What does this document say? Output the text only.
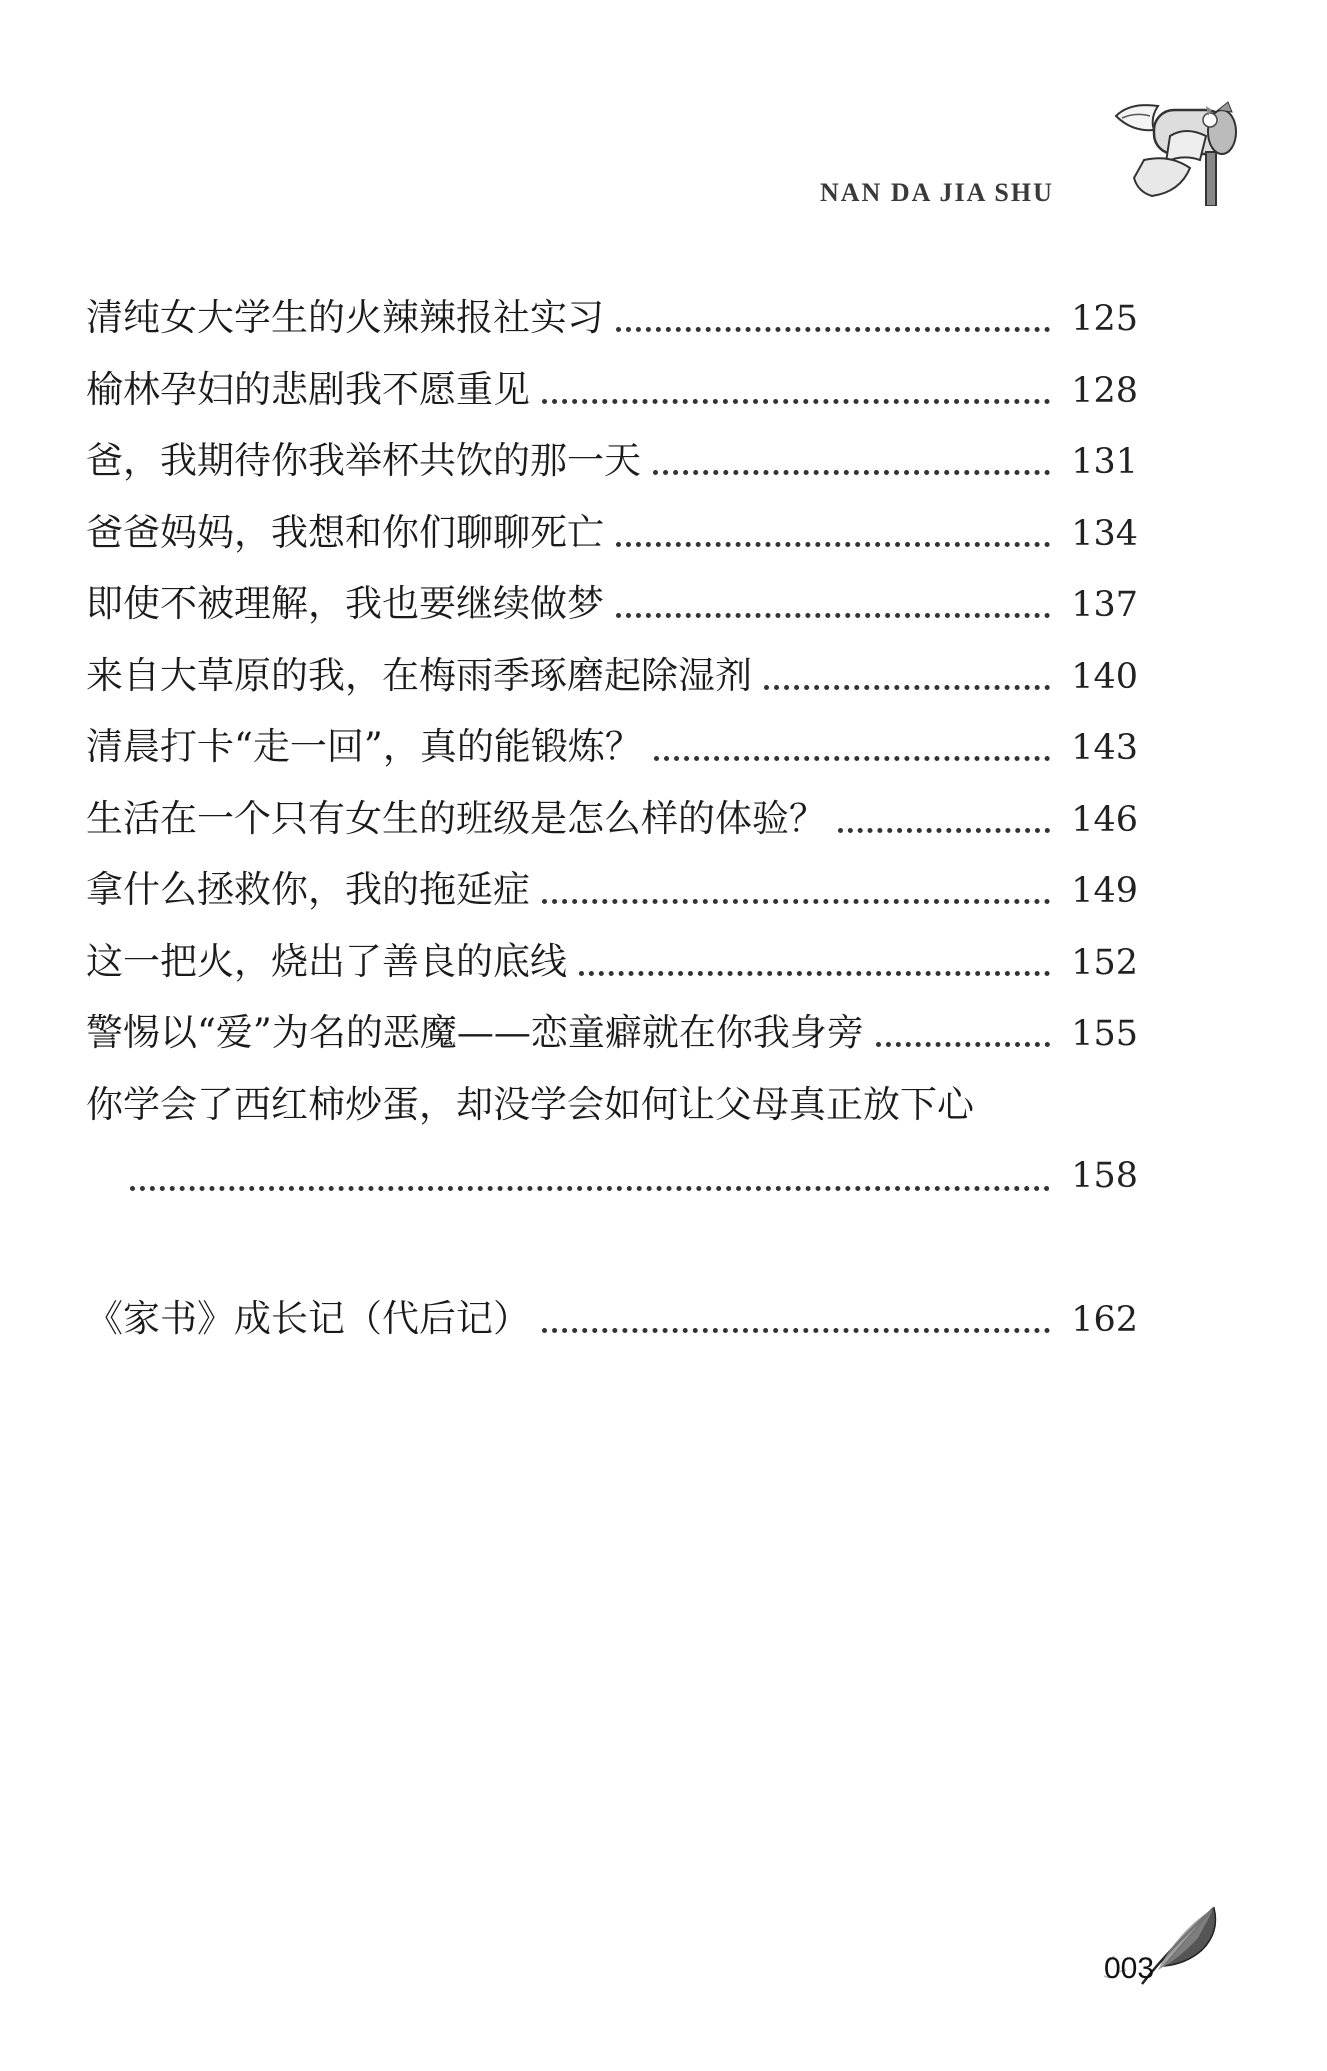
NAN DA JIA SHU
清纯女大学生的火辣辣报社实习	125
榆林孕妇的悲剧我不愿重见	128
爸，我期待你我举杯共饮的那一天	131
爸爸妈妈，我想和你们聊聊死亡	134
即使不被理解，我也要继续做梦	137
来自大草原的我，在梅雨季琢磨起除湿剂	140
清晨打卡“走一回”，真的能锻炼？	143
生活在一个只有女生的班级是怎么样的体验？	146
拿什么拯救你，我的拖延症	149
这一把火，烧出了善良的底线	152
警惕以“爱”为名的恶魔——恋童癖就在你我身旁	155
你学会了西红柿炒蛋，却没学会如何让父母真正放下心
158
《家书》成长记（代后记）	162
003
